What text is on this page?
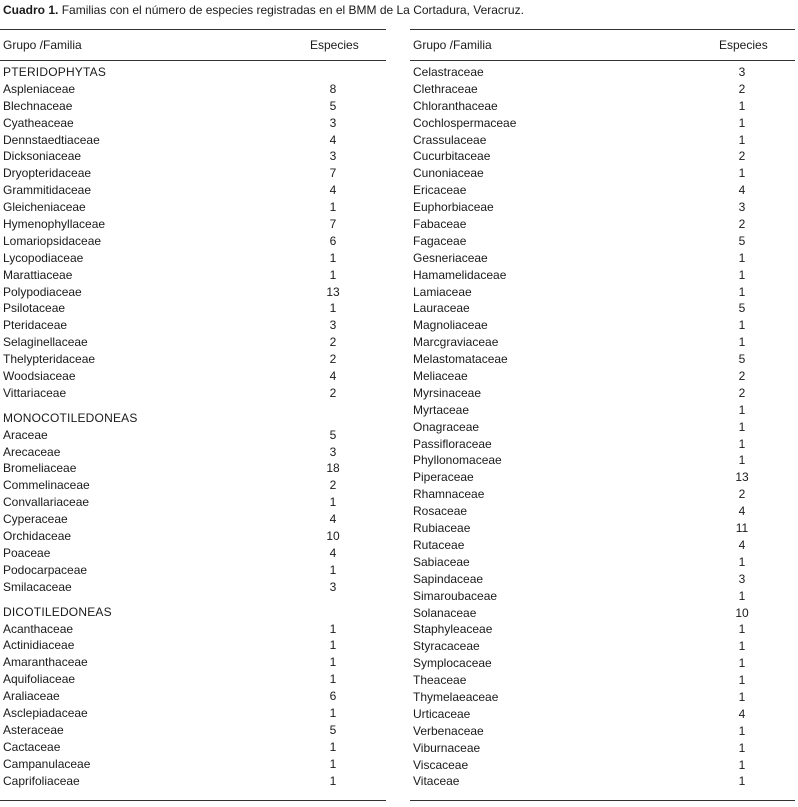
Cuadro 1. Familias con el número de especies registradas en el BMM de La Cortadura, Veracruz.
Grupo /Familia	Especies
PTERIDOPHYTAS
Aspleniaceae	8
Blechnaceae	5
Cyatheaceae	3
Dennstaedtiaceae	4
Dicksoniaceae	3
Dryopteridaceae	7
Grammitidaceae	4
Gleicheniaceae	1
Hymenophyllaceae	7
Lomariopsidaceae	6
Lycopodiaceae	1
Marattiaceae	1
Polypodiaceae	13
Psilotaceae	1
Pteridaceae	3
Selaginellaceae	2
Thelypteridaceae	2
Woodsiaceae	4
Vittariaceae	2
MONOCOTILEDONEAS
Araceae	5
Arecaceae	3
Bromeliaceae	18
Commelinaceae	2
Convallariaceae	1
Cyperaceae	4
Orchidaceae	10
Poaceae	4
Podocarpaceae	1
Smilacaceae	3
DICOTILEDONEAS
Acanthaceae	1
Actinidiaceae	1
Amaranthaceae	1
Aquifoliaceae	1
Araliaceae	6
Asclepiadaceae	1
Asteraceae	5
Cactaceae	1
Campanulaceae	1
Caprifoliaceae	1
Grupo /Familia	Especies
Celastraceae	3
Clethraceae	2
Chloranthaceae	1
Cochlospermaceae	1
Crassulaceae	1
Cucurbitaceae	2
Cunoniaceae	1
Ericaceae	4
Euphorbiaceae	3
Fabaceae	2
Fagaceae	5
Gesneriaceae	1
Hamamelidaceae	1
Lamiaceae	1
Lauraceae	5
Magnoliaceae	1
Marcgraviaceae	1
Melastomataceae	5
Meliaceae	2
Myrsinaceae	2
Myrtaceae	1
Onagraceae	1
Passifloraceae	1
Phyllonomaceae	1
Piperaceae	13
Rhamnaceae	2
Rosaceae	4
Rubiaceae	11
Rutaceae	4
Sabiaceae	1
Sapindaceae	3
Simaroubaceae	1
Solanaceae	10
Staphyleaceae	1
Styracaceae	1
Symplocaceae	1
Theaceae	1
Thymelaeaceae	1
Urticaceae	4
Verbenaceae	1
Viburnaceae	1
Viscaceae	1
Vitaceae	1
